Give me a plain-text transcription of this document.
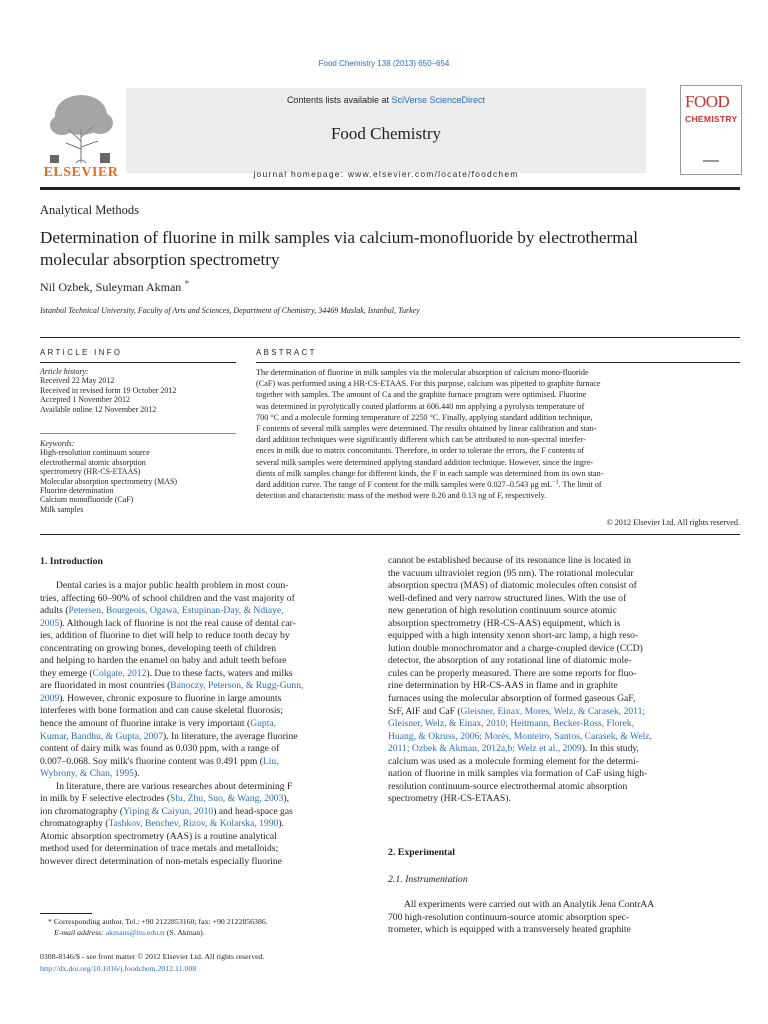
Food Chemistry 138 (2013) 650–654
ELSEVIER
Contents lists available at SciVerse ScienceDirect
Food Chemistry
journal homepage: www.elsevier.com/locate/foodchem
FOOD
CHEMISTRY
Analytical Methods
Determination of fluorine in milk samples via calcium-monofluoride by electrothermal molecular absorption spectrometry
Nil Ozbek, Suleyman Akman *
Istanbul Technical University, Faculty of Arts and Sciences, Department of Chemistry, 34469 Maslak, Istanbul, Turkey
ARTICLE INFO	ABSTRACT
Article history:
Received 22 May 2012
Received in revised form 19 October 2012
Accepted 1 November 2012
Available online 12 November 2012
Keywords:
High-resolution continuum source
electrothermal atomic absorption
spectrometry (HR-CS-ETAAS)
Molecular absorption spectrometry (MAS)
Fluorine determination
Calcium monofluoride (CaF)
Milk samples
The determination of fluorine in milk samples via the molecular absorption of calcium mono-fluoride
(CaF) was performed using a HR-CS-ETAAS. For this purpose, calcium was pipetted to graphite furnace
together with samples. The amount of Ca and the graphite furnace program were optimised. Fluorine
was determined in pyrolytically coated platforms at 606.440 nm applying a pyrolysis temperature of
700 °C and a molecule forming temperature of 2250 °C. Finally, applying standard addition technique,
F contents of several milk samples were determined. The results obtained by linear calibration and stan-
dard addition techniques were significantly different which can be attributed to non-spectral interfer-
ences in milk due to matrix concomitants. Therefore, in order to tolerate the errors, the F contents of
several milk samples were determined applying standard addition technique. However, since the ingre-
dients of milk samples change for different kinds, the F in each sample was determined from its own stan-
dard addition curve. The range of F content for the milk samples were 0.027–0.543 μg $mL^{-1}$. The limit of
detection and characteristic mass of the method were 0.26 and 0.13 ng of F, respectively.
© 2012 Elsevier Ltd. All rights reserved.
1. Introduction
Dental caries is a major public health problem in most coun-
tries, affecting 60–90% of school children and the vast majority of
adults (Petersen, Bourgeois, Ogawa, Estupinan-Day, & Ndiaye,
2005). Although lack of fluorine is not the real cause of dental car-
ies, addition of fluorine to diet will help to reduce tooth decay by
concentrating on growing bones, developing teeth of children
and helping to harden the enamel on baby and adult teeth before
they emerge (Colgate, 2012). Due to these facts, waters and milks
are fluoridated in most countries (Banoczy, Peterson, & Rugg-Gunn,
2009). However, chronic exposure to fluorine in large amounts
interferes with bone formation and can cause skeletal fluorosis;
hence the amount of fluorine intake is very important (Gupta,
Kumar, Bandhu, & Gupta, 2007). In literature, the average fluorine
content of dairy milk was found as 0.030 ppm, with a range of
0.007–0.068. Soy milk's fluorine content was 0.491 ppm (Liu,
Wybrony, & Chan, 1995).
In literature, there are various researches about determining F
in milk by F selective electrodes (Shı, Zhu, Suo, & Wang, 2003),
ion chromatography (Yiping & Caiyun, 2010) and head-space gas
chromatography (Tashkov, Benchev, Rizov, & Kolarska, 1990).
Atomic absorption spectrometry (AAS) is a routine analytical
method used for determination of trace metals and metalloids;
however direct determination of non-metals especially fluorine
cannot be established because of its resonance line is located in
the vacuum ultraviolet region (95 nm). The rotational molecular
absorption spectra (MAS) of diatomic molecules often consist of
well-defined and very narrow structured lines. With the use of
new generation of high resolution continuum source atomic
absorption spectrometry (HR-CS-AAS) equipment, which is
equipped with a high intensity xenon short-arc lamp, a high reso-
lution double monochromator and a charge-coupled device (CCD)
detector, the absorption of any rotational line of diatomic mole-
cules can be properly measured. There are some reports for fluo-
rine determination by HR-CS-AAS in flame and in graphite
furnaces using the molecular absorption of formed gaseous GaF,
SrF, AlF and CaF (Gleisner, Einax, Mores, Welz, & Carasek, 2011;
Gleisner, Welz, & Einax, 2010; Heitmann, Becker-Ross, Florek,
Huang, & Okruss, 2006; Morés, Monteiro, Santos, Carasek, & Welz,
2011; Ozbek & Akman, 2012a,b; Welz et al., 2009). In this study,
calcium was used as a molecule forming element for the determi-
nation of fluorine in milk samples via formation of CaF using high-
resolution continuum-source electrothermal atomic absorption
spectrometry (HR-CS-ETAAS).
2. Experimental
2.1. Instrumentation
All experiments were carried out with an Analytik Jena ContrAA
700 high-resolution continuum-source atomic absorption spec-
trometer, which is equipped with a transversely heated graphite
* Corresponding author. Tel.: +90 2122853160; fax: +90 2122856386.
E-mail address: akmans@itu.edu.tr (S. Akman).
0308-8146/$ - see front matter © 2012 Elsevier Ltd. All rights reserved.
http://dx.doi.org/10.1016/j.foodchem.2012.11.008
